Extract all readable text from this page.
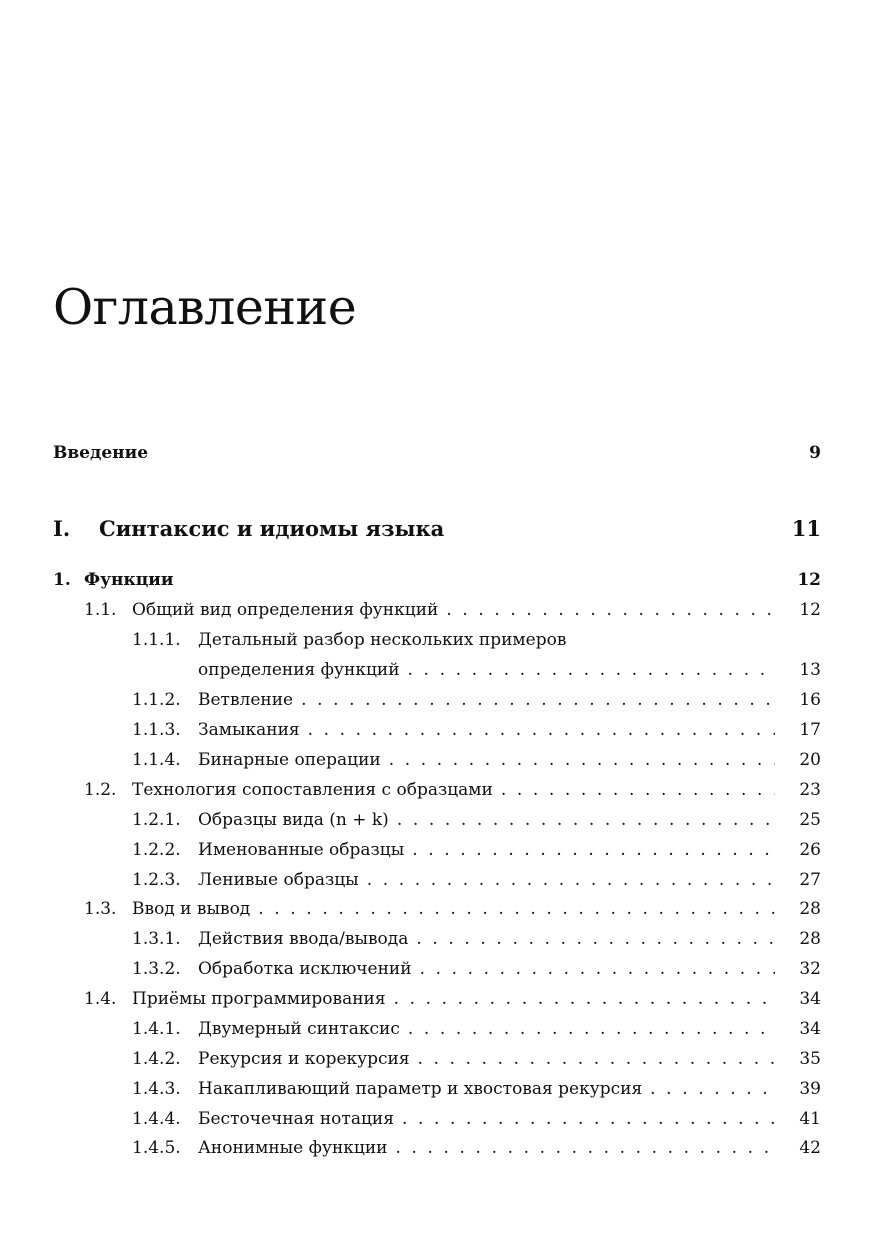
Оглавление
Введение	9
I. Синтаксис и идиомы языка	11
1. Функции	12
1.1. Общий вид определения функций . . .	12
1.1.1. Детальный разбор нескольких примеров
определения функций . . .	13
1.1.2. Ветвление . . .	16
1.1.3. Замыкания . . .	17
1.1.4. Бинарные операции . . .	20
1.2. Технология сопоставления с образцами . . .	23
1.2.1. Образцы вида (n + k) . . .	25
1.2.2. Именованные образцы . . .	26
1.2.3. Ленивые образцы . . .	27
1.3. Ввод и вывод . . .	28
1.3.1. Действия ввода/вывода . . .	28
1.3.2. Обработка исключений . . .	32
1.4. Приёмы программирования . . .	34
1.4.1. Двумерный синтаксис . . .	34
1.4.2. Рекурсия и корекурсия . . .	35
1.4.3. Накапливающий параметр и хвостовая рекурсия . . .	39
1.4.4. Бесточечная нотация . . .	41
1.4.5. Анонимные функции . . .	42
